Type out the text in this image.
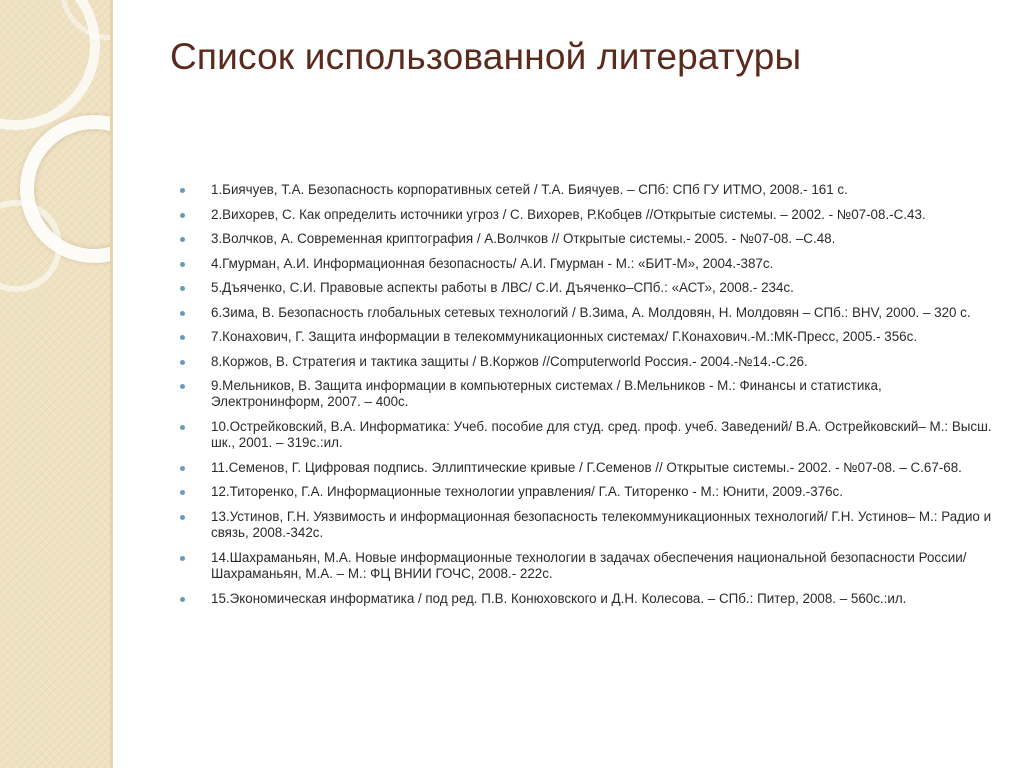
Список использованной литературы
1.Биячуев, Т.А. Безопасность корпоративных сетей / Т.А. Биячуев. – СПб: СПб ГУ ИТМО, 2008.- 161 с.
2.Вихорев, С. Как определить источники угроз / С. Вихорев, Р.Кобцев //Открытые системы. – 2002. - №07-08.-С.43.
3.Волчков, А. Современная криптография / А.Волчков // Открытые системы.- 2005. - №07-08. –С.48.
4.Гмурман, А.И. Информационная безопасность/ А.И. Гмурман - М.: «БИТ-М», 2004.-387с.
5.Дъяченко, С.И. Правовые аспекты работы в ЛВС/ С.И. Дъяченко–СПб.: «АСТ», 2008.- 234с.
6.Зима, В. Безопасность глобальных сетевых технологий / В.Зима, А. Молдовян, Н. Молдовян – СПб.: BHV, 2000. – 320 с.
7.Конахович, Г. Защита информации в телекоммуникационных системах/ Г.Конахович.-М.:МК-Пресс, 2005.- 356с.
8.Коржов, В. Стратегия и тактика защиты / В.Коржов //Computerworld Россия.- 2004.-№14.-С.26.
9.Мельников, В. Защита информации в компьютерных системах / В.Мельников - М.: Финансы и статистика, Электронинформ, 2007. – 400с.
10.Острейковский, В.А. Информатика: Учеб. пособие для студ. сред. проф. учеб. Заведений/ В.А. Острейковский– М.: Высш. шк., 2001. – 319с.:ил.
11.Семенов, Г. Цифровая подпись. Эллиптические кривые / Г.Семенов // Открытые системы.- 2002. - №07-08. – С.67-68.
12.Титоренко, Г.А. Информационные технологии управления/ Г.А. Титоренко - М.: Юнити, 2009.-376с.
13.Устинов, Г.Н. Уязвимость и информационная безопасность телекоммуникационных технологий/ Г.Н. Устинов– М.: Радио и связь, 2008.-342с.
14.Шахраманьян, М.А. Новые информационные технологии в задачах обеспечения национальной безопасности России/ Шахраманьян, М.А. – М.: ФЦ ВНИИ ГОЧС, 2008.- 222с.
15.Экономическая информатика / под ред. П.В. Конюховского и Д.Н. Колесова. – СПб.: Питер, 2008. – 560с.:ил.
